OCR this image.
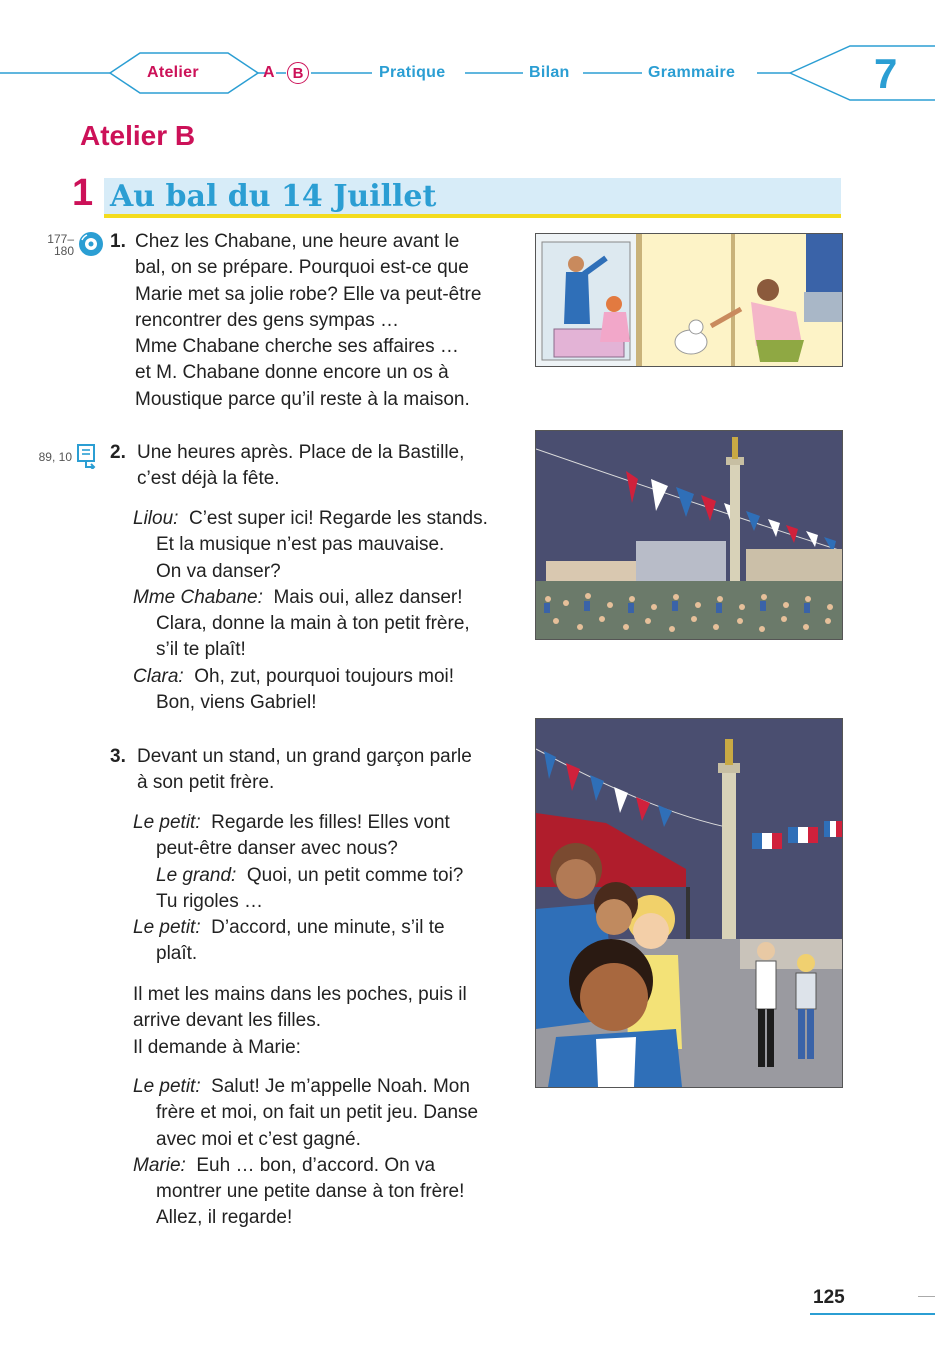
Atelier	A	B	Pratique	Bilan	Grammaire	7
Atelier B
1 Au bal du 14 Juillet
177–
180
89, 10
1. Chez les Chabane, une heure avant le
bal, on se prépare. Pourquoi est-ce que
Marie met sa jolie robe? Elle va peut-être
rencontrer des gens sympas …
Mme Chabane cherche ses affaires …
et M. Chabane donne encore un os à
Moustique parce qu’il reste à la maison.
2. Une heures après. Place de la Bastille,
c’est déjà la fête.
Lilou: C’est super ici! Regarde les stands.
Et la musique n’est pas mauvaise.
On va danser?
Mme Chabane: Mais oui, allez danser!
Clara, donne la main à ton petit frère,
s’il te plaît!
Clara: Oh, zut, pourquoi toujours moi!
Bon, viens Gabriel!
3. Devant un stand, un grand garçon parle
à son petit frère.
Le petit: Regarde les filles! Elles vont
peut-être danser avec nous?
Le grand: Quoi, un petit comme toi?
Tu rigoles …
Le petit: D’accord, une minute, s’il te
plaît.
Il met les mains dans les poches, puis il
arrive devant les filles.
Il demande à Marie:
Le petit: Salut! Je m’appelle Noah. Mon
frère et moi, on fait un petit jeu. Danse
avec moi et c’est gagné.
Marie: Euh … bon, d’accord. On va
montrer une petite danse à ton frère!
Allez, il regarde!
125
